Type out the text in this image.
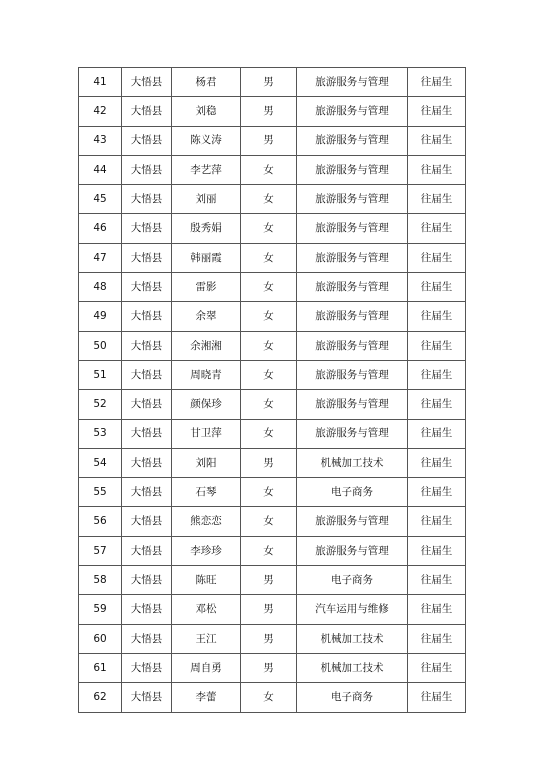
41	大悟县	杨君	男	旅游服务与管理	往届生
42	大悟县	刘稳	男	旅游服务与管理	往届生
43	大悟县	陈义涛	男	旅游服务与管理	往届生
44	大悟县	李艺萍	女	旅游服务与管理	往届生
45	大悟县	刘丽	女	旅游服务与管理	往届生
46	大悟县	殷秀娟	女	旅游服务与管理	往届生
47	大悟县	韩丽霞	女	旅游服务与管理	往届生
48	大悟县	雷影	女	旅游服务与管理	往届生
49	大悟县	余翠	女	旅游服务与管理	往届生
50	大悟县	余湘湘	女	旅游服务与管理	往届生
51	大悟县	周晓青	女	旅游服务与管理	往届生
52	大悟县	颜保珍	女	旅游服务与管理	往届生
53	大悟县	甘卫萍	女	旅游服务与管理	往届生
54	大悟县	刘阳	男	机械加工技术	往届生
55	大悟县	石琴	女	电子商务	往届生
56	大悟县	熊恋恋	女	旅游服务与管理	往届生
57	大悟县	李珍珍	女	旅游服务与管理	往届生
58	大悟县	陈旺	男	电子商务	往届生
59	大悟县	邓松	男	汽车运用与维修	往届生
60	大悟县	王江	男	机械加工技术	往届生
61	大悟县	周自勇	男	机械加工技术	往届生
62	大悟县	李蕾	女	电子商务	往届生
